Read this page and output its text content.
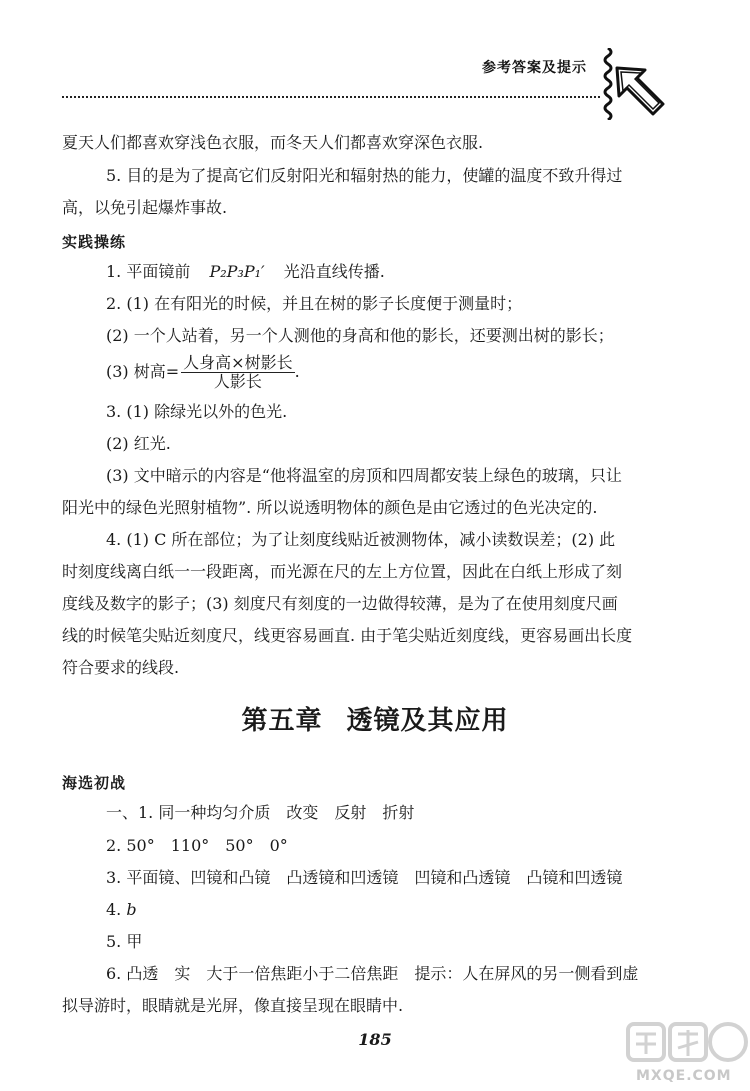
参考答案及提示
夏天人们都喜欢穿浅色衣服，而冬天人们都喜欢穿深色衣服.
5. 目的是为了提高它们反射阳光和辐射热的能力，使罐的温度不致升得过
高，以免引起爆炸事故.
实践操练
1. 平面镜前 P₂P₃P₁′ 光沿直线传播.
2. (1) 在有阳光的时候，并且在树的影子长度便于测量时；
(2) 一个人站着，另一个人测他的身高和他的影长，还要测出树的影长；
(3) 树高= $\frac{\text{人身高×树影长}}{\text{人影长}}$ .
3. (1) 除绿光以外的色光.
(2) 红光.
(3) 文中暗示的内容是“他将温室的房顶和四周都安装上绿色的玻璃，只让
阳光中的绿色光照射植物”. 所以说透明物体的颜色是由它透过的色光决定的.
4. (1) C 所在部位；为了让刻度线贴近被测物体，减小读数误差；(2) 此
时刻度线离白纸一一段距离，而光源在尺的左上方位置，因此在白纸上形成了刻
度线及数字的影子；(3) 刻度尺有刻度的一边做得较薄，是为了在使用刻度尺画
线的时候笔尖贴近刻度尺，线更容易画直. 由于笔尖贴近刻度线，更容易画出长度
符合要求的线段.
第五章 透镜及其应用
海选初战
一、1. 同一种均匀介质　改变　反射　折射
2. 50°　110°　50°　0°
3. 平面镜、凹镜和凸镜　凸透镜和凹透镜　凹镜和凸透镜　凸镜和凹透镜
4. b
5. 甲
6. 凸透　实　大于一倍焦距小于二倍焦距　提示：人在屏风的另一侧看到虚
拟导游时，眼睛就是光屏，像直接呈现在眼睛中.
185
MXQE.COM
